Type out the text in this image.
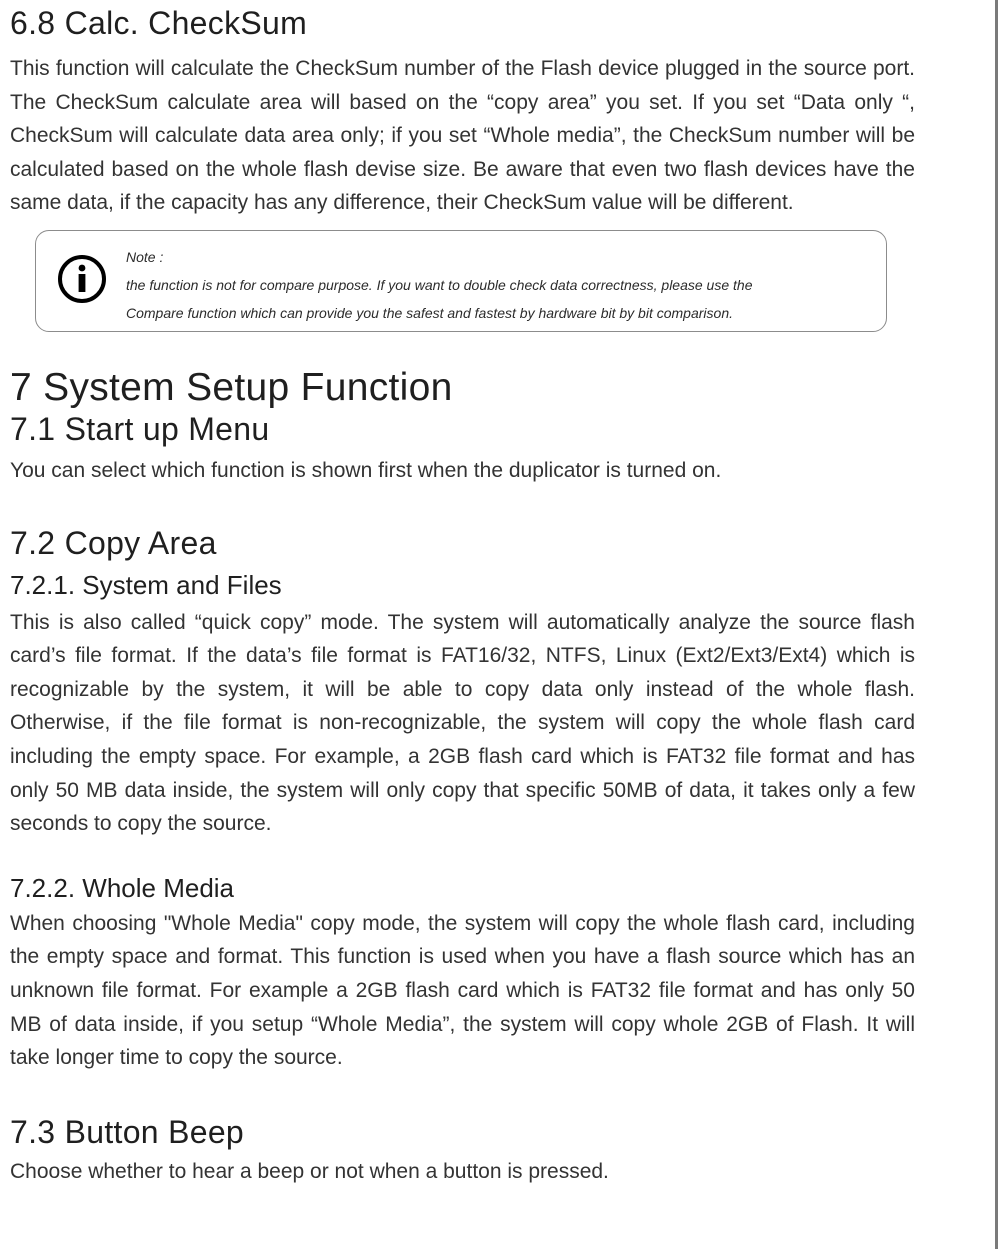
6.8 Calc. CheckSum

This function will calculate the CheckSum number of the Flash device plugged in the source port. The CheckSum calculate area will based on the “copy area” you set. If you set “Data only “, CheckSum will calculate data area only; if you set “Whole media”, the CheckSum number will be calculated based on the whole flash devise size. Be aware that even two flash devices have the same data, if the capacity has any difference, their CheckSum value will be different.

Note :
the function is not for compare purpose. If you want to double check data correctness, please use the
Compare function which can provide you the safest and fastest by hardware bit by bit comparison.
7 System Setup Function
7.1 Start up Menu

You can select which function is shown first when the duplicator is turned on.

7.2 Copy Area
7.2.1. System and Files

This is also called “quick copy” mode. The system will automatically analyze the source flash card’s file format. If the data’s file format is FAT16/32, NTFS, Linux (Ext2/Ext3/Ext4) which is recognizable by the system, it will be able to copy data only instead of the whole flash. Otherwise, if the file format is non-recognizable, the system will copy the whole flash card including the empty space. For example, a 2GB flash card which is FAT32 file format and has only 50 MB data inside, the system will only copy that specific 50MB of data, it takes only a few seconds to copy the source.

7.2.2. Whole Media

When choosing "Whole Media" copy mode, the system will copy the whole flash card, including the empty space and format. This function is used when you have a flash source which has an unknown file format. For example a 2GB flash card which is FAT32 file format and has only 50 MB of data inside, if you setup “Whole Media”, the system will copy whole 2GB of Flash. It will take longer time to copy the source.

7.3 Button Beep

Choose whether to hear a beep or not when a button is pressed.
